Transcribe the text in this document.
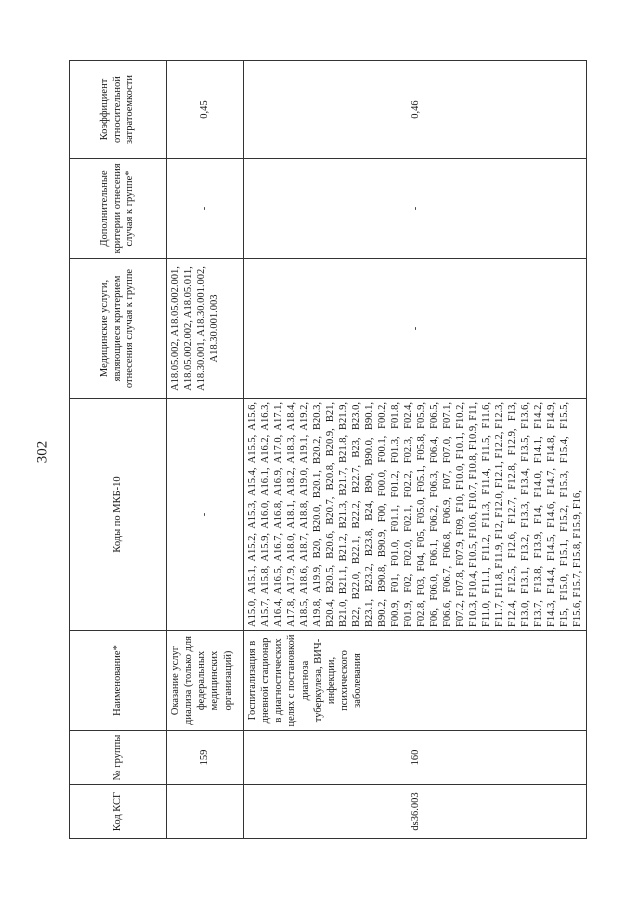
302
Код КСГ	№ группы	Наименование*	Коды по МКБ-10	Медицинские услуги, являющиеся критерием отнесения случая к группе	Дополнительные критерии отнесения случая к группе*	Коэффициент относительной затратоемкости
	159	Оказание услуг диализа (только для федеральных медицинских организаций)	-	A18.05.002, A18.05.002.001, A18.05.002.002, A18.05.011, A18.30.001, A18.30.001.002, A18.30.001.003	-	0,45
ds36.003	160	Госпитализация в дневной стационар в диагностических целях с постановкой диагноза туберкулеза, ВИЧ-инфекции, психического заболевания	A15.0, A15.1, A15.2, A15.3, A15.4, A15.5, A15.6, A15.7, A15.8, A15.9, A16.0, A16.1, A16.2, A16.3, A16.4, A16.5, A16.7, A16.8, A16.9, A17.0, A17.1, A17.8, A17.9, A18.0, A18.1, A18.2, A18.3, A18.4, A18.5, A18.6, A18.7, A18.8, A19.0, A19.1, A19.2, A19.8, A19.9, B20, B20.0, B20.1, B20.2, B20.3, B20.4, B20.5, B20.6, B20.7, B20.8, B20.9, B21, B21.0, B21.1, B21.2, B21.3, B21.7, B21.8, B21.9, B22, B22.0, B22.1, B22.2, B22.7, B23, B23.0, B23.1, B23.2, B23.8, B24, B90, B90.0, B90.1, B90.2, B90.8, B90.9, F00, F00.0, F00.1, F00.2, F00.9, F01, F01.0, F01.1, F01.2, F01.3, F01.8, F01.9, F02, F02.0, F02.1, F02.2, F02.3, F02.4, F02.8, F03, F04, F05, F05.0, F05.1, F05.8, F05.9, F06, F06.0, F06.1, F06.2, F06.3, F06.4, F06.5, F06.6, F06.7, F06.8, F06.9, F07, F07.0, F07.1, F07.2, F07.8, F07.9, F09, F10, F10.0, F10.1, F10.2, F10.3, F10.4, F10.5, F10.6, F10.7, F10.8, F10.9, F11, F11.0, F11.1, F11.2, F11.3, F11.4, F11.5, F11.6, F11.7, F11.8, F11.9, F12, F12.0, F12.1, F12.2, F12.3, F12.4, F12.5, F12.6, F12.7, F12.8, F12.9, F13, F13.0, F13.1, F13.2, F13.3, F13.4, F13.5, F13.6, F13.7, F13.8, F13.9, F14, F14.0, F14.1, F14.2, F14.3, F14.4, F14.5, F14.6, F14.7, F14.8, F14.9, F15, F15.0, F15.1, F15.2, F15.3, F15.4, F15.5, F15.6, F15.7, F15.8, F15.9, F16,	-	-	0,46
